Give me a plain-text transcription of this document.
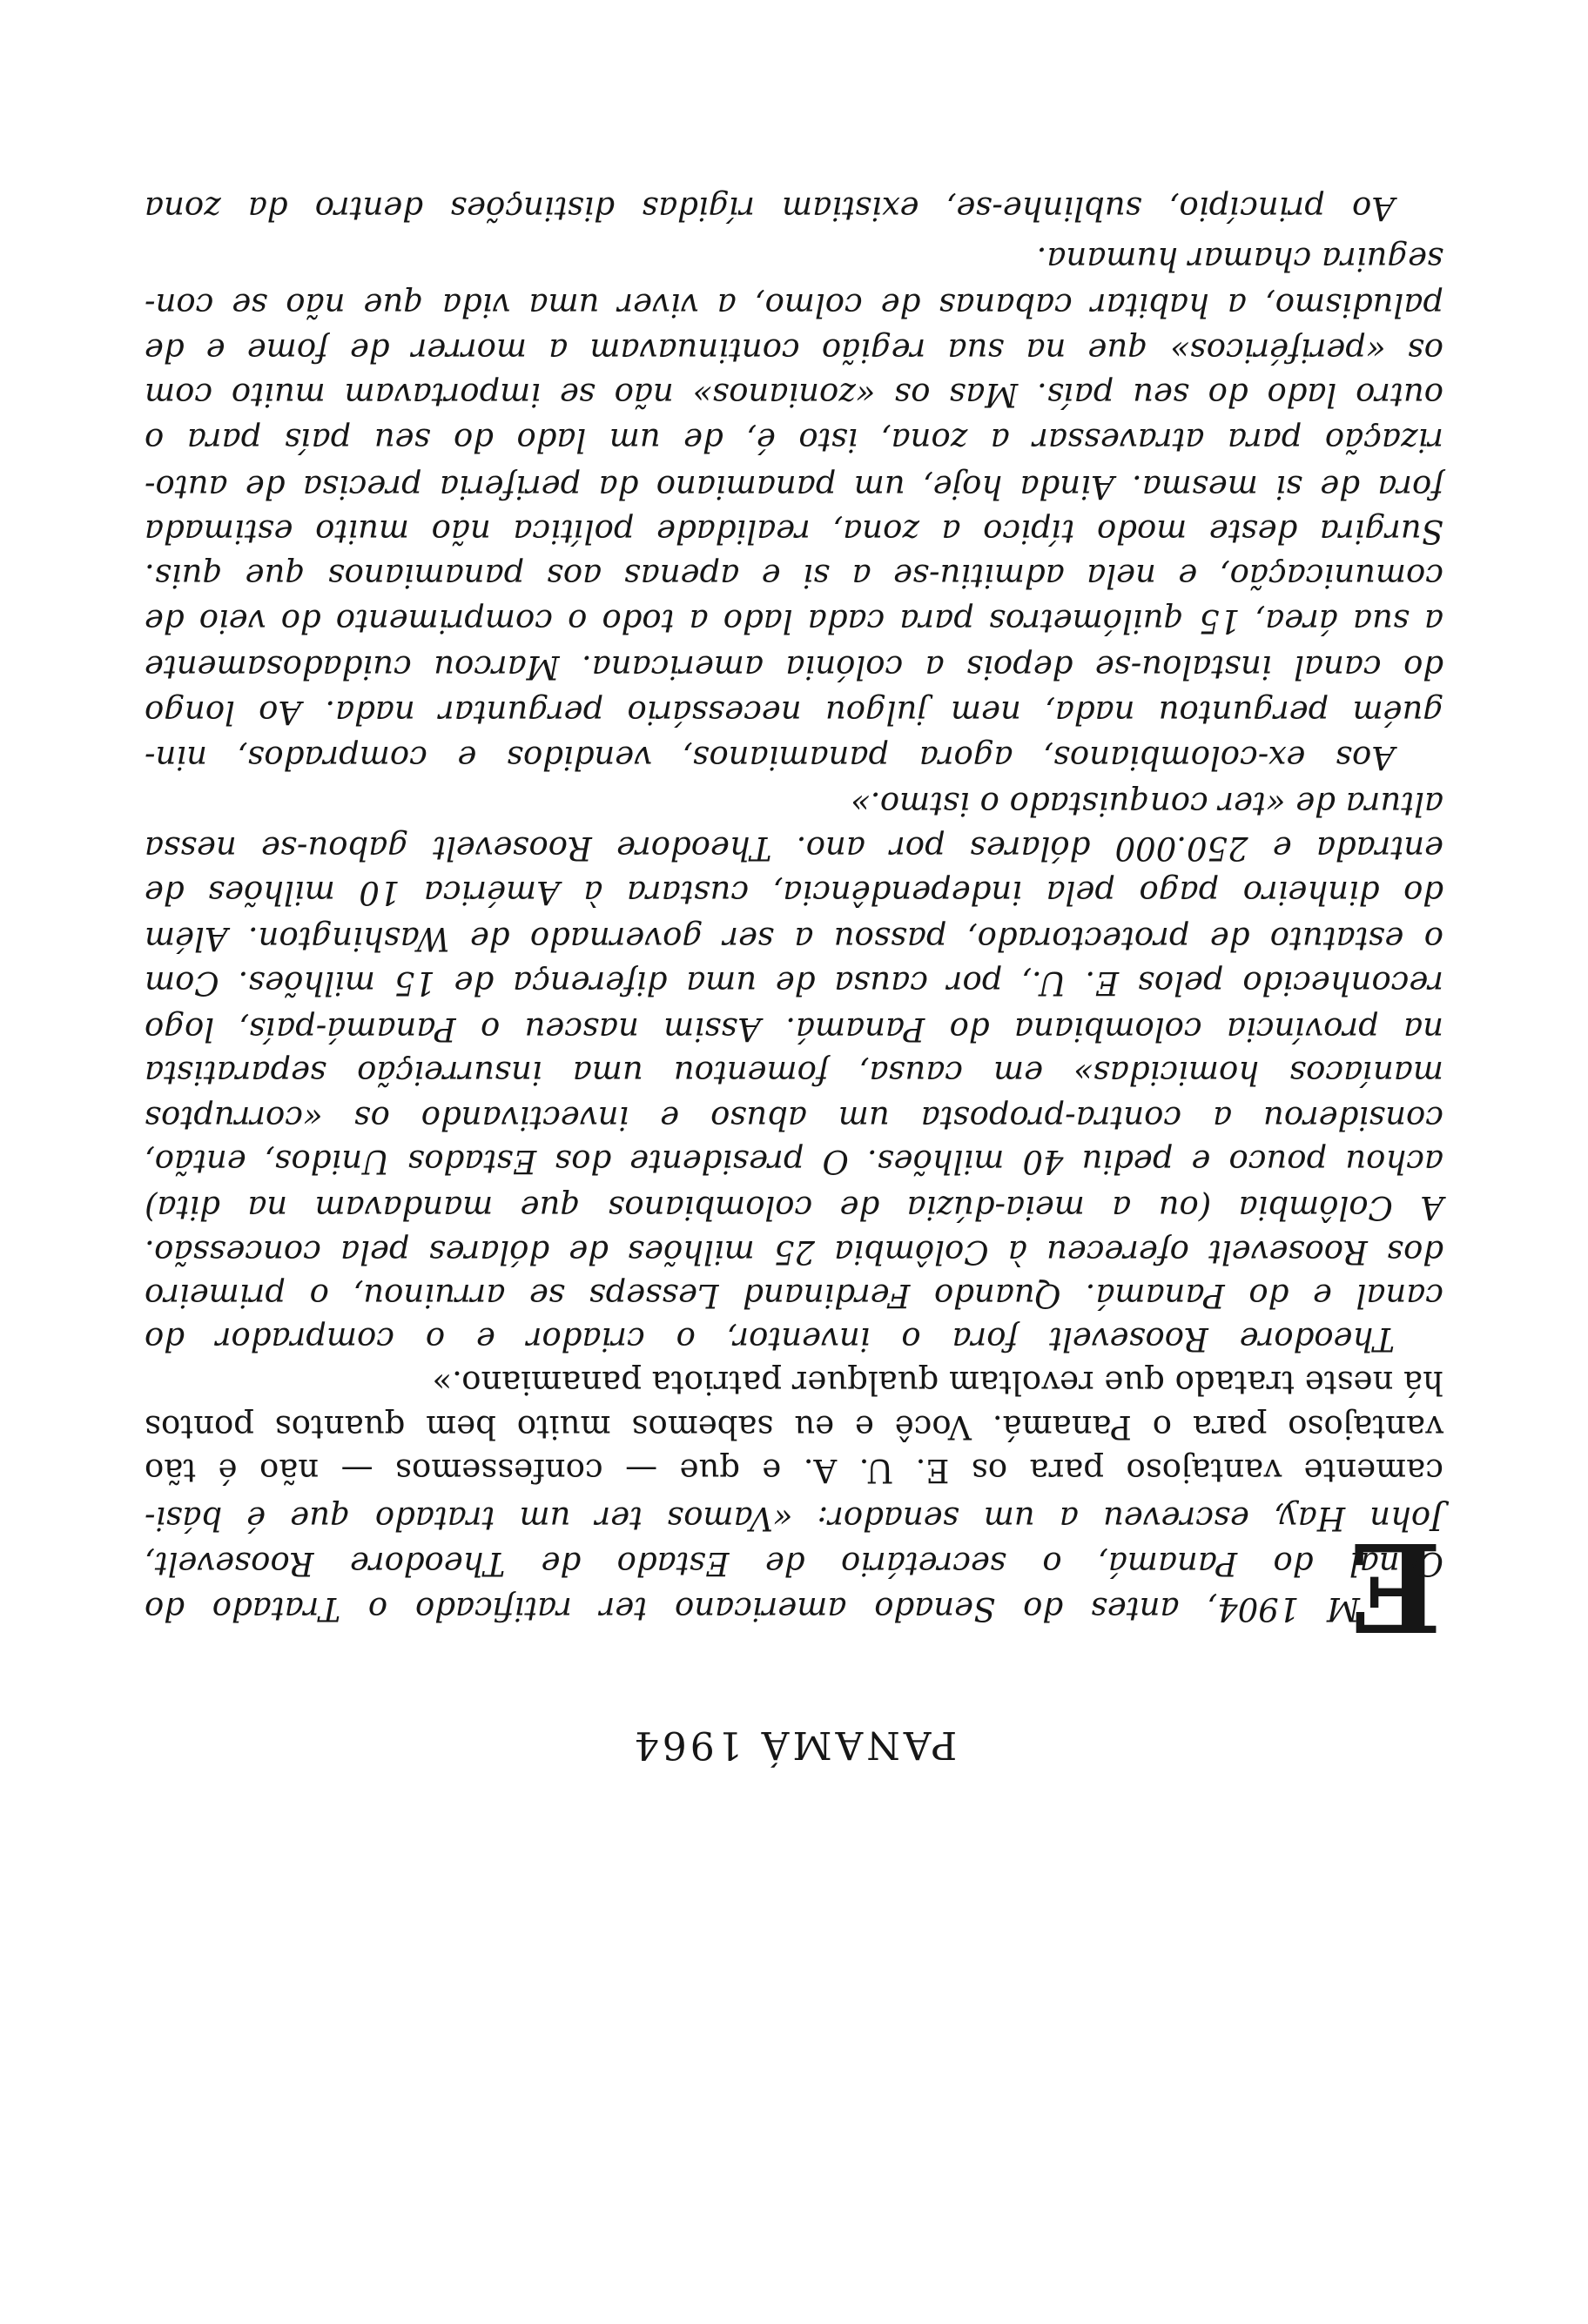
PANAMÁ 1964
E
M 1904, antes do Senado americano ter ratificado o Tratado do
Canal do Panamá, o secretário de Estado de Theodore Roosevelt,
John Hay, escreveu a um senador: «Vamos ter um tratado que é bási-
camente vantajoso para os E. U. A. e que — confessemos — não é tão
vantajoso para o Panamá. Você e eu sabemos muito bem quantos pontos
há neste tratado que revoltam qualquer patriota panamiano.»
Theodore Roosevelt fora o inventor, o criador e o comprador do
canal e do Panamá. Quando Ferdinand Lesseps se arruinou, o primeiro
dos Roosevelt ofereceu à Colômbia 25 milhões de dólares pela concessão.
A Colômbia (ou a meia-dúzia de colombianos que mandavam na dita)
achou pouco e pediu 40 milhões. O presidente dos Estados Unidos, então,
considerou a contra-proposta um abuso e invectivando os «corruptos
maníacos homicidas» em causa, fomentou uma insurreição separatista
na província colombiana do Panamá. Assim nasceu o Panamá-país, logo
reconhecido pelos E. U., por causa de uma diferença de 15 milhões. Com
o estatuto de protectorado, passou a ser governado de Washington. Além
do dinheiro pago pela independência, custara à América 10 milhões de
entrada e 250.000 dólares por ano. Theodore Roosevelt gabou-se nessa
altura de «ter conquistado o istmo.»
Aos ex-colombianos, agora panamianos, vendidos e comprados, nin-
guém perguntou nada, nem julgou necessário perguntar nada. Ao longo
do canal instalou-se depois a colónia americana. Marcou cuidadosamente
a sua área, 15 quilómetros para cada lado a todo o comprimento do veio de
comunicação, e nela admitiu-se a si e apenas aos panamianos que quis.
Surgira deste modo típico a zona, realidade política não muito estimada
fora de si mesma. Ainda hoje, um panamiano da periferia precisa de auto-
rização para atravessar a zona, isto é, de um lado do seu país para o
outro lado do seu país. Mas os «zonianos» não se importavam muito com
os «periféricos» que na sua região continuavam a morrer de fome e de
paludismo, a habitar cabanas de colmo, a viver uma vida que não se con-
seguira chamar humana.
Ao princípio, sublinhe-se, existiam rígidas distinções dentro da zona
